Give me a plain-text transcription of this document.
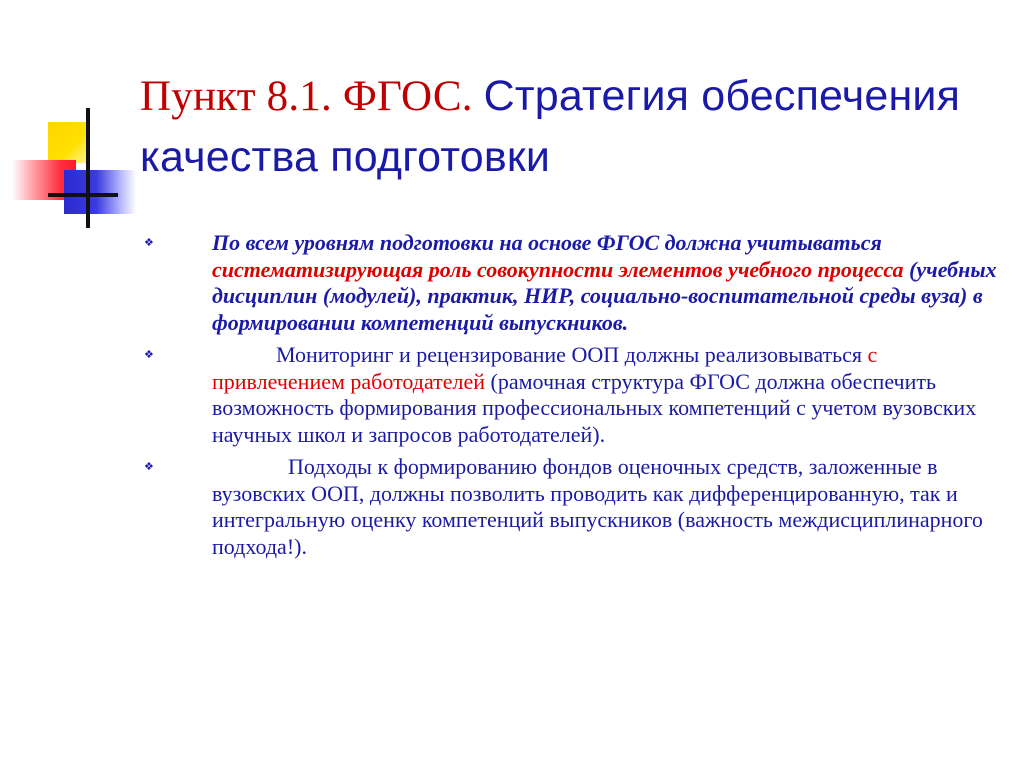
Пункт 8.1. ФГОС. Стратегия обеспечения качества подготовки
❖	По всем уровням подготовки на основе ФГОС должна учитываться систематизирующая роль совокупности элементов учебного процесса (учебных дисциплин (модулей), практик, НИР, социально-воспитательной среды вуза) в формировании компетенций выпускников.
❖	Мониторинг и рецензирование ООП должны реализовываться с привлечением работодателей (рамочная структура ФГОС должна обеспечить возможность формирования профессиональных компетенций с учетом вузовских научных школ и запросов работодателей).
❖	Подходы к формированию фондов оценочных средств, заложенные в вузовских ООП, должны позволить проводить как дифференцированную, так и интегральную оценку компетенций выпускников (важность междисциплинарного подхода!).
